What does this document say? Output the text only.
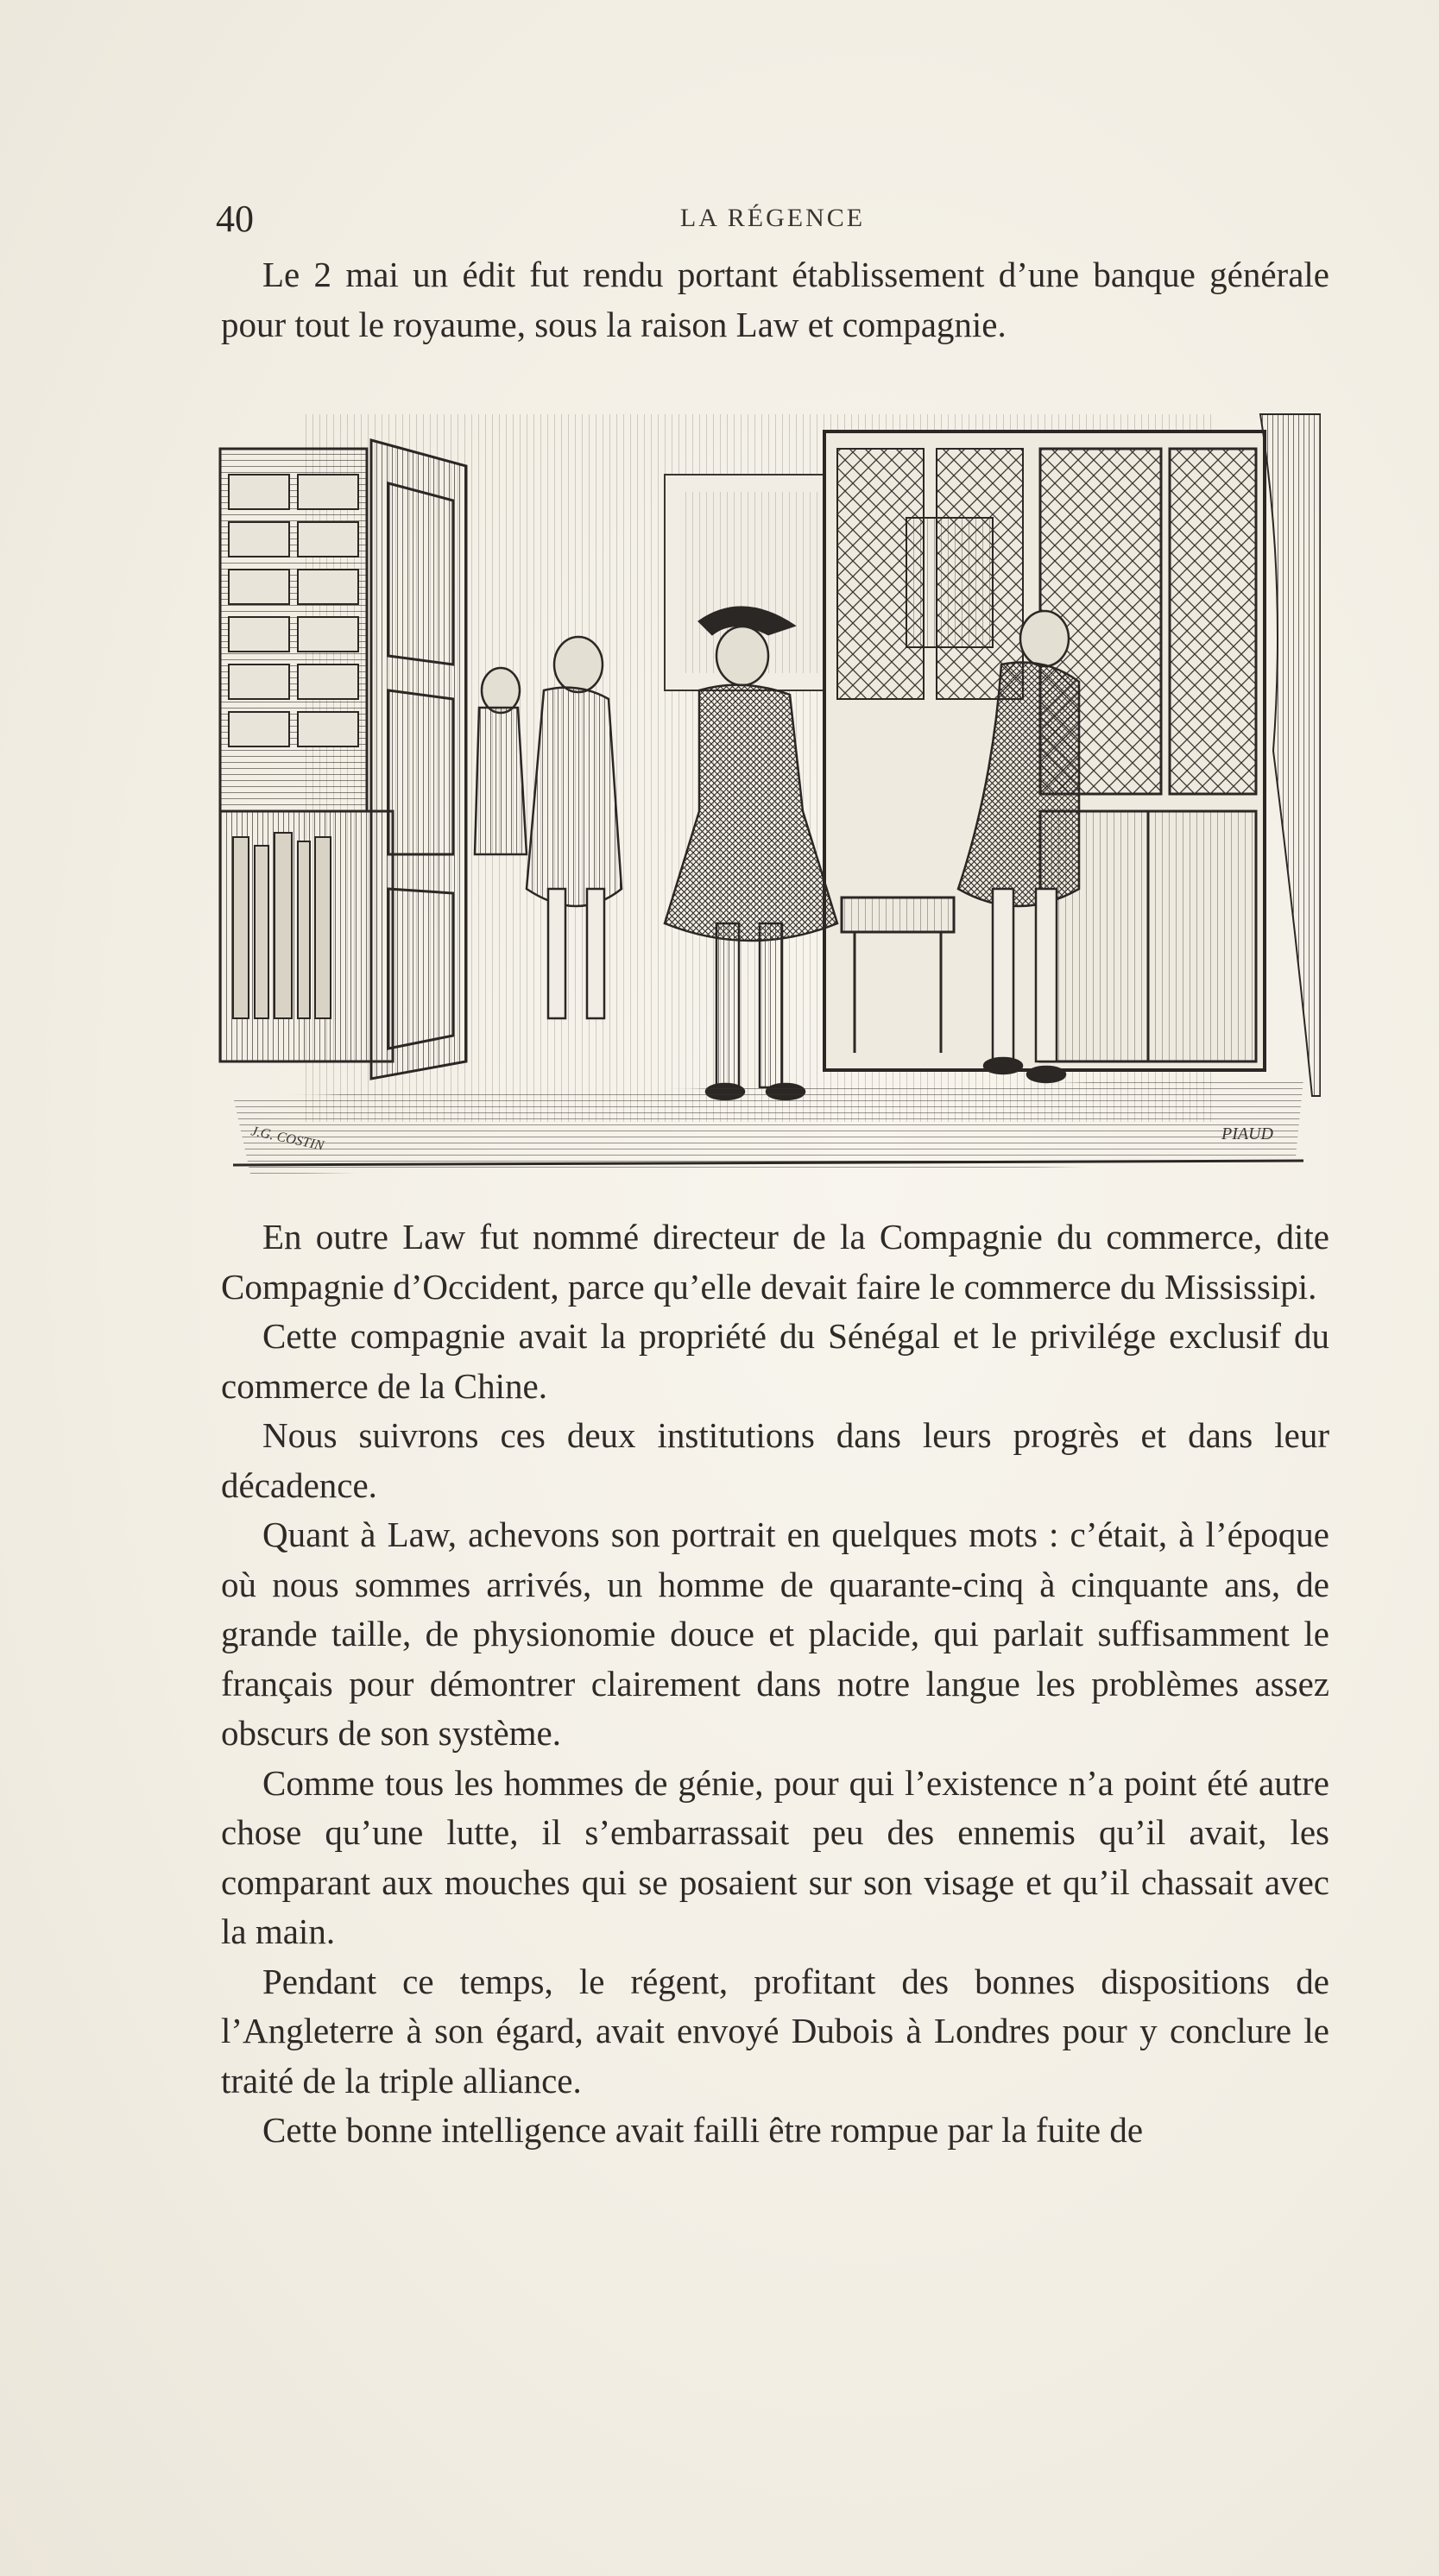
40	LA RÉGENCE

Le 2 mai un édit fut rendu portant établissement d’une banque générale pour tout le royaume, sous la raison Law et compagnie.

J.G. COSTIN	PIAUD

En outre Law fut nommé directeur de la Compagnie du commerce, dite Compagnie d’Occident, parce qu’elle devait faire le commerce du Mississipi.

Cette compagnie avait la propriété du Sénégal et le privilége exclusif du commerce de la Chine.

Nous suivrons ces deux institutions dans leurs progrès et dans leur décadence.

Quant à Law, achevons son portrait en quelques mots : c’était, à l’époque où nous sommes arrivés, un homme de quarante-cinq à cinquante ans, de grande taille, de physionomie douce et placide, qui parlait suffisamment le français pour démontrer clairement dans notre langue les problèmes assez obscurs de son système.

Comme tous les hommes de génie, pour qui l’existence n’a point été autre chose qu’une lutte, il s’embarrassait peu des ennemis qu’il avait, les comparant aux mouches qui se posaient sur son visage et qu’il chassait avec la main.

Pendant ce temps, le régent, profitant des bonnes dispositions de l’Angleterre à son égard, avait envoyé Dubois à Londres pour y conclure le traité de la triple alliance.

Cette bonne intelligence avait failli être rompue par la fuite de
